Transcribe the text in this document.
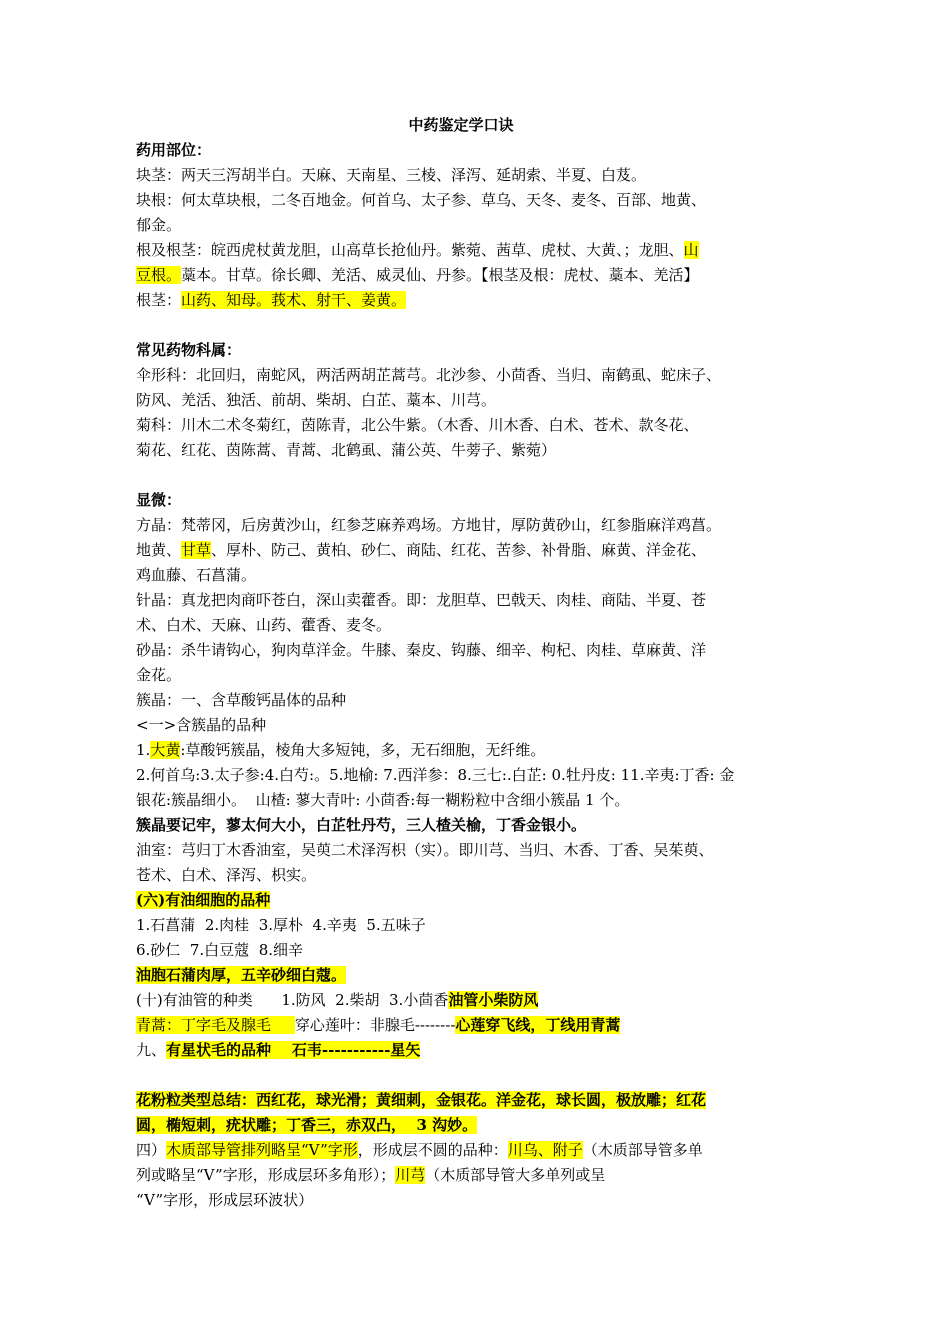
中药鉴定学口诀
药用部位：
块茎：两天三泻胡半白。天麻、天南星、三棱、泽泻、延胡索、半夏、白芨。
块根：何太草块根，二冬百地金。何首乌、太子参、草乌、天冬、麦冬、百部、地黄、
郁金。
根及根茎：皖西虎杖黄龙胆，山高草长抢仙丹。紫菀、茜草、虎杖、大黄、；龙胆、山
豆根。藁本。甘草。徐长卿、羌活、威灵仙、丹参。【根茎及根：虎杖、藁本、羌活】
根茎：山药、知母。莪术、射干、姜黄。
常见药物科属：
伞形科：北回归，南蛇风，两活两胡芷蒿芎。北沙参、小茴香、当归、南鹤虱、蛇床子、
防风、羌活、独活、前胡、柴胡、白芷、藁本、川芎。
菊科：川木二术冬菊红，茵陈青，北公牛紫。（木香、川木香、白术、苍术、款冬花、
菊花、红花、茵陈蒿、青蒿、北鹤虱、蒲公英、牛蒡子、紫菀）
显微：
方晶：梵蒂冈，后房黄沙山，红参芝麻养鸡场。方地甘，厚防黄砂山，红参脂麻洋鸡菖。
地黄、甘草、厚朴、防己、黄柏、砂仁、商陆、红花、苦参、补骨脂、麻黄、洋金花、
鸡血藤、石菖蒲。
针晶：真龙把肉商吓苍白，深山卖藿香。即：龙胆草、巴戟天、肉桂、商陆、半夏、苍
术、白术、天麻、山药、藿香、麦冬。
砂晶：杀牛请钩心，狗肉草洋金。牛膝、秦皮、钩藤、细辛、枸杞、肉桂、草麻黄、洋
金花。
簇晶：一、含草酸钙晶体的品种
<一>含簇晶的品种
1.大黄:草酸钙簇晶，棱角大多短钝，多，无石细胞，无纤维。
2.何首乌:3.太子参:4.白芍:。5.地榆: 7.西洋参：8.三七:.白芷: 0.牡丹皮: 11.辛夷:丁香: 金
银花:簇晶细小。  山楂: 蓼大青叶: 小茴香:每一糊粉粒中含细小簇晶 1 个。
簇晶要记牢，蓼太何大小，白芷牡丹芍，三人楂关榆，丁香金银小。
油室：芎归丁木香油室，吴萸二术泽泻枳（实）。即川芎、当归、木香、丁香、吴茱萸、
苍术、白术、泽泻、枳实。
(六)有油细胞的品种
1.石菖蒲  2.肉桂  3.厚朴  4.辛夷  5.五味子
6.砂仁  7.白豆蔻  8.细辛
油胞石蒲肉厚，五辛砂细白蔻。
(十)有油管的种类      1.防风  2.柴胡  3.小茴香油管小柴防风
青蒿：丁字毛及腺毛     穿心莲叶：非腺毛--------心莲穿飞线，丁线用青蒿
九、有星状毛的品种    石韦-----------星矢
花粉粒类型总结：西红花，球光滑；黄细刺，金银花。洋金花，球长圆，极放雕；红花
圆，椭短刺，疣状雕；丁香三，赤双凸，  3 沟妙。
四）木质部导管排列略呈“V”字形，形成层不圆的品种：川乌、附子（木质部导管多单
列或略呈“V”字形，形成层环多角形）；川芎（木质部导管大多单列或呈
“V”字形，形成层环波状）
